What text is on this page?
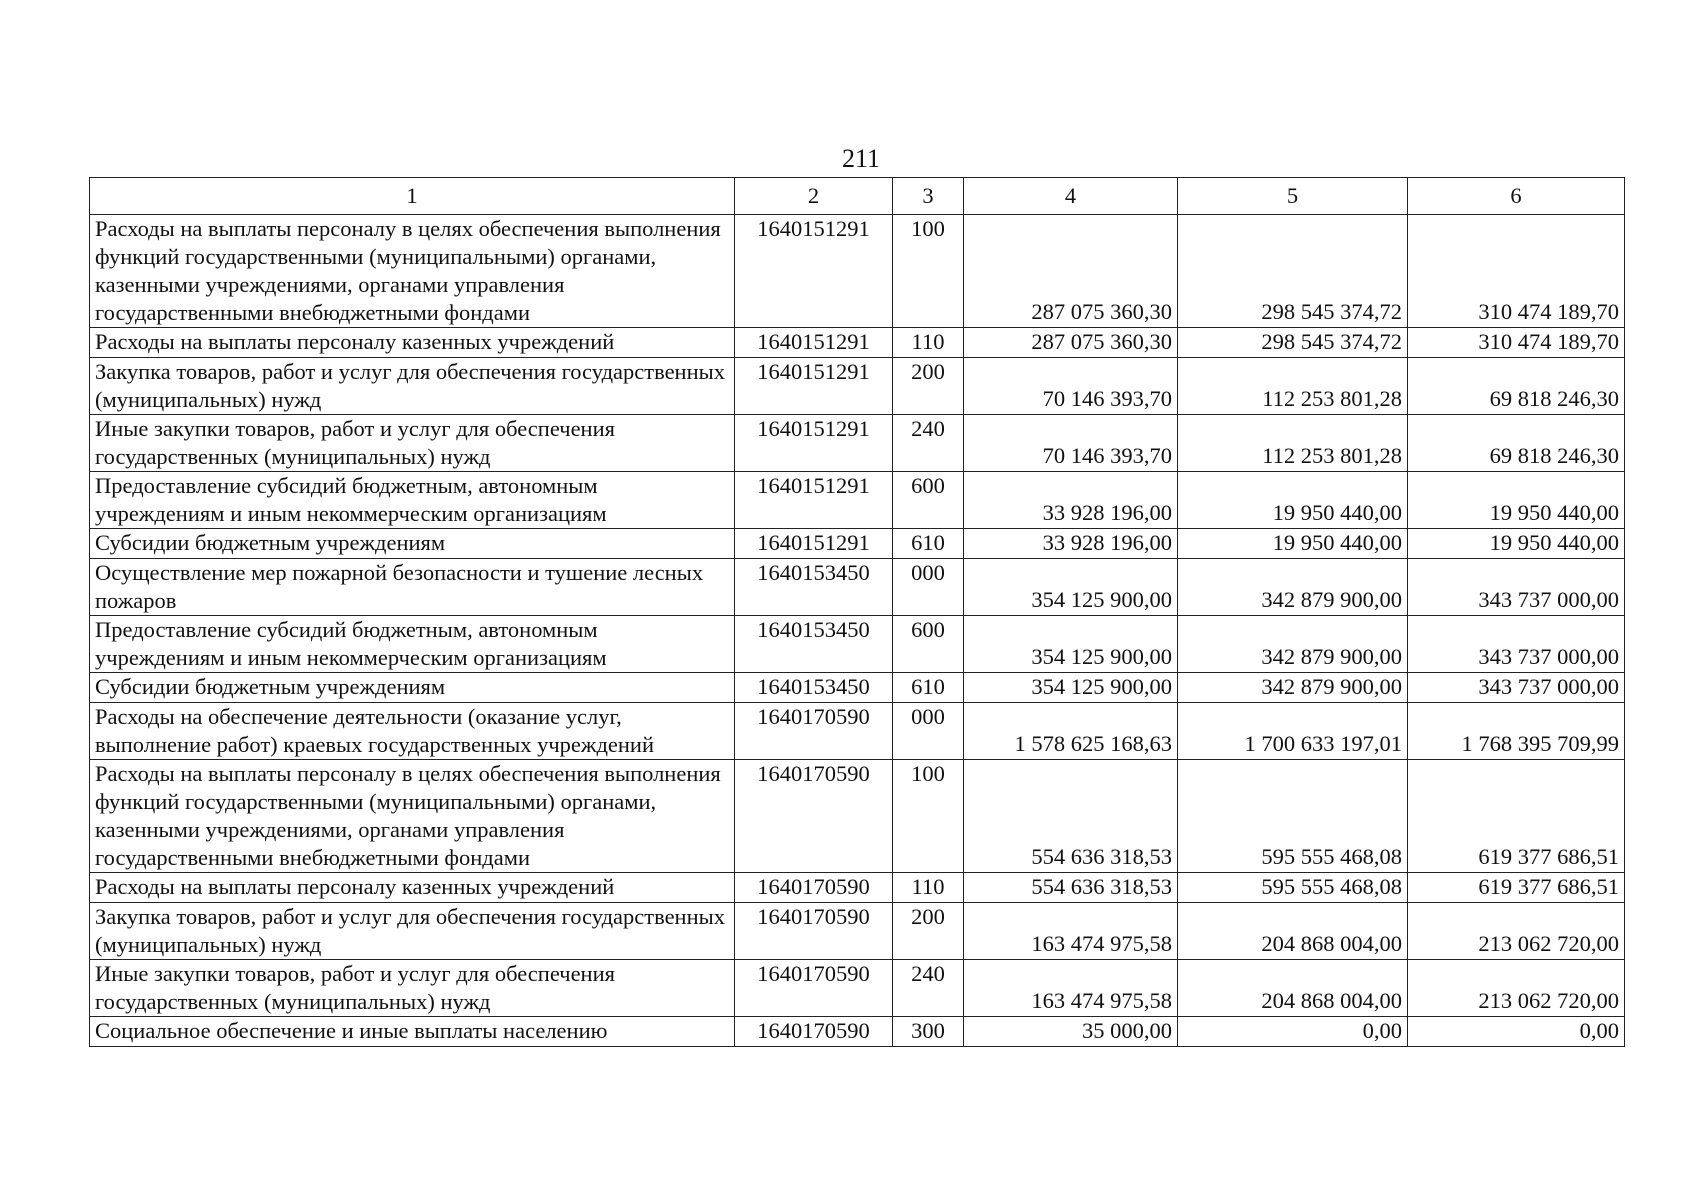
211
1	2	3	4	5	6
Расходы на выплаты персоналу в целях обеспечения выполнения функций государственными (муниципальными) органами, казенными учреждениями, органами управления государственными внебюджетными фондами	1640151291	100	287 075 360,30	298 545 374,72	310 474 189,70
Расходы на выплаты персоналу казенных учреждений	1640151291	110	287 075 360,30	298 545 374,72	310 474 189,70
Закупка товаров, работ и услуг для обеспечения государственных (муниципальных) нужд	1640151291	200	70 146 393,70	112 253 801,28	69 818 246,30
Иные закупки товаров, работ и услуг для обеспечения государственных (муниципальных) нужд	1640151291	240	70 146 393,70	112 253 801,28	69 818 246,30
Предоставление субсидий бюджетным, автономным учреждениям и иным некоммерческим организациям	1640151291	600	33 928 196,00	19 950 440,00	19 950 440,00
Субсидии бюджетным учреждениям	1640151291	610	33 928 196,00	19 950 440,00	19 950 440,00
Осуществление мер пожарной безопасности и тушение лесных пожаров	1640153450	000	354 125 900,00	342 879 900,00	343 737 000,00
Предоставление субсидий бюджетным, автономным учреждениям и иным некоммерческим организациям	1640153450	600	354 125 900,00	342 879 900,00	343 737 000,00
Субсидии бюджетным учреждениям	1640153450	610	354 125 900,00	342 879 900,00	343 737 000,00
Расходы на обеспечение деятельности (оказание услуг, выполнение работ) краевых государственных учреждений	1640170590	000	1 578 625 168,63	1 700 633 197,01	1 768 395 709,99
Расходы на выплаты персоналу в целях обеспечения выполнения функций государственными (муниципальными) органами, казенными учреждениями, органами управления государственными внебюджетными фондами	1640170590	100	554 636 318,53	595 555 468,08	619 377 686,51
Расходы на выплаты персоналу казенных учреждений	1640170590	110	554 636 318,53	595 555 468,08	619 377 686,51
Закупка товаров, работ и услуг для обеспечения государственных (муниципальных) нужд	1640170590	200	163 474 975,58	204 868 004,00	213 062 720,00
Иные закупки товаров, работ и услуг для обеспечения государственных (муниципальных) нужд	1640170590	240	163 474 975,58	204 868 004,00	213 062 720,00
Социальное обеспечение и иные выплаты населению	1640170590	300	35 000,00	0,00	0,00
